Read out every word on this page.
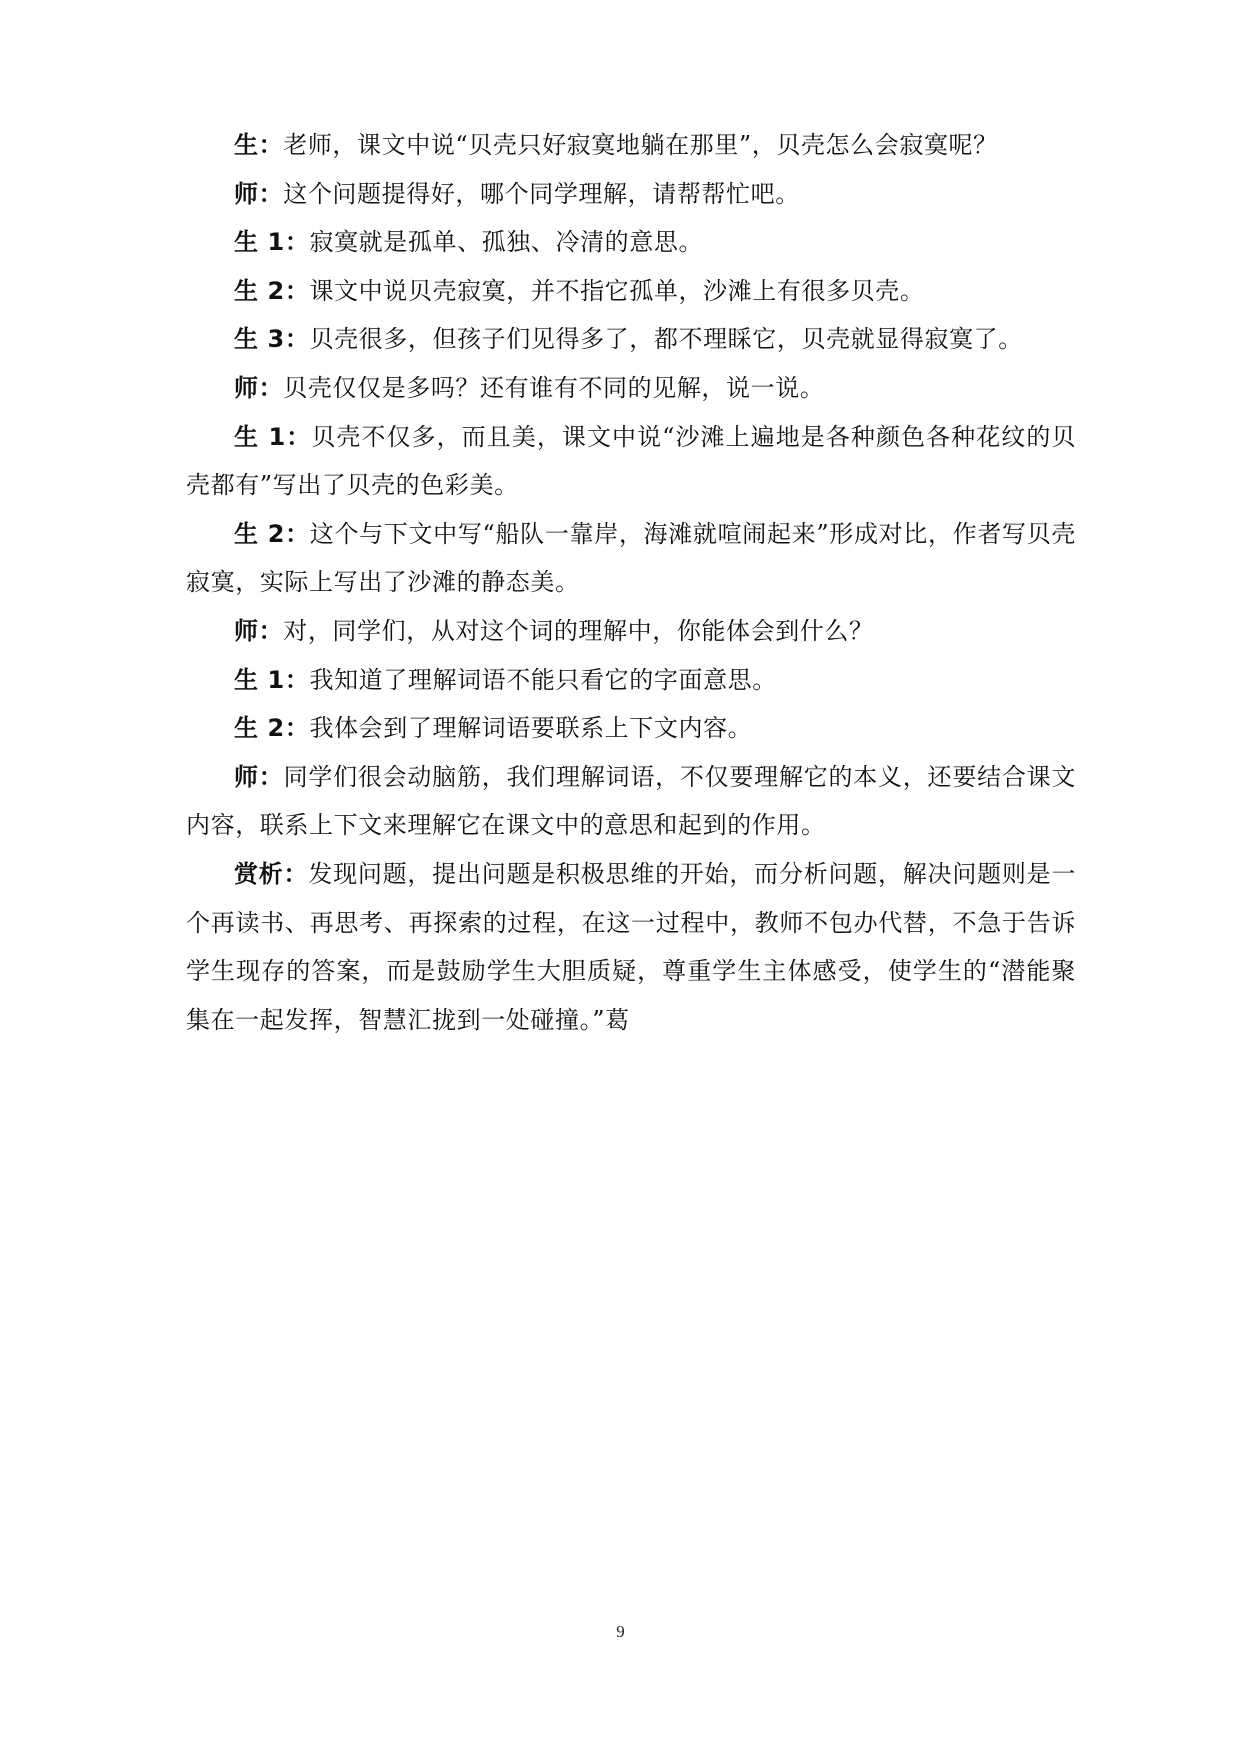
生：老师，课文中说“贝壳只好寂寞地躺在那里”，贝壳怎么会寂寞呢？

师：这个问题提得好，哪个同学理解，请帮帮忙吧。

生 1：寂寞就是孤单、孤独、冷清的意思。

生 2：课文中说贝壳寂寞，并不指它孤单，沙滩上有很多贝壳。

生 3：贝壳很多，但孩子们见得多了，都不理睬它，贝壳就显得寂寞了。

师：贝壳仅仅是多吗？还有谁有不同的见解，说一说。

生 1：贝壳不仅多，而且美，课文中说“沙滩上遍地是各种颜色各种花纹的贝壳都有”写出了贝壳的色彩美。

生 2：这个与下文中写“船队一靠岸，海滩就喧闹起来”形成对比，作者写贝壳寂寞，实际上写出了沙滩的静态美。

师：对，同学们，从对这个词的理解中，你能体会到什么？

生 1：我知道了理解词语不能只看它的字面意思。

生 2：我体会到了理解词语要联系上下文内容。

师：同学们很会动脑筋，我们理解词语，不仅要理解它的本义，还要结合课文内容，联系上下文来理解它在课文中的意思和起到的作用。

赏析：发现问题，提出问题是积极思维的开始，而分析问题，解决问题则是一个再读书、再思考、再探索的过程，在这一过程中，教师不包办代替，不急于告诉学生现存的答案，而是鼓励学生大胆质疑，尊重学生主体感受，使学生的“潜能聚集在一起发挥，智慧汇拢到一处碰撞。”葛

9
